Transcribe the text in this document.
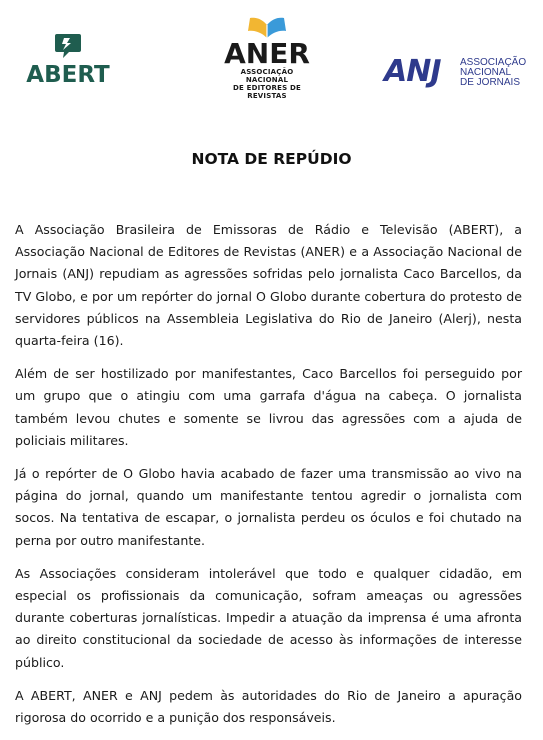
ABERT
ANER
ASSOCIAÇÃO NACIONAL
DE EDITORES DE REVISTAS
ANJ ASSOCIAÇÃO
NACIONAL
DE JORNAIS
NOTA DE REPÚDIO

A Associação Brasileira de Emissoras de Rádio e Televisão (ABERT), a Associação Nacional de Editores de Revistas (ANER) e a Associação Nacional de Jornais (ANJ) repudiam as agressões sofridas pelo jornalista Caco Barcellos, da TV Globo, e por um repórter do jornal O Globo durante cobertura do protesto de servidores públicos na Assembleia Legislativa do Rio de Janeiro (Alerj), nesta quarta-feira (16).

Além de ser hostilizado por manifestantes, Caco Barcellos foi perseguido por um grupo que o atingiu com uma garrafa d'água na cabeça. O jornalista também levou chutes e somente se livrou das agressões com a ajuda de policiais militares.

Já o repórter de O Globo havia acabado de fazer uma transmissão ao vivo na página do jornal, quando um manifestante tentou agredir o jornalista com socos. Na tentativa de escapar, o jornalista perdeu os óculos e foi chutado na perna por outro manifestante.

As Associações consideram intolerável que todo e qualquer cidadão, em especial os profissionais da comunicação, sofram ameaças ou agressões durante coberturas jornalísticas. Impedir a atuação da imprensa é uma afronta ao direito constitucional da sociedade de acesso às informações de interesse público.

A ABERT, ANER e ANJ pedem às autoridades do Rio de Janeiro a apuração rigorosa do ocorrido e a punição dos responsáveis.
